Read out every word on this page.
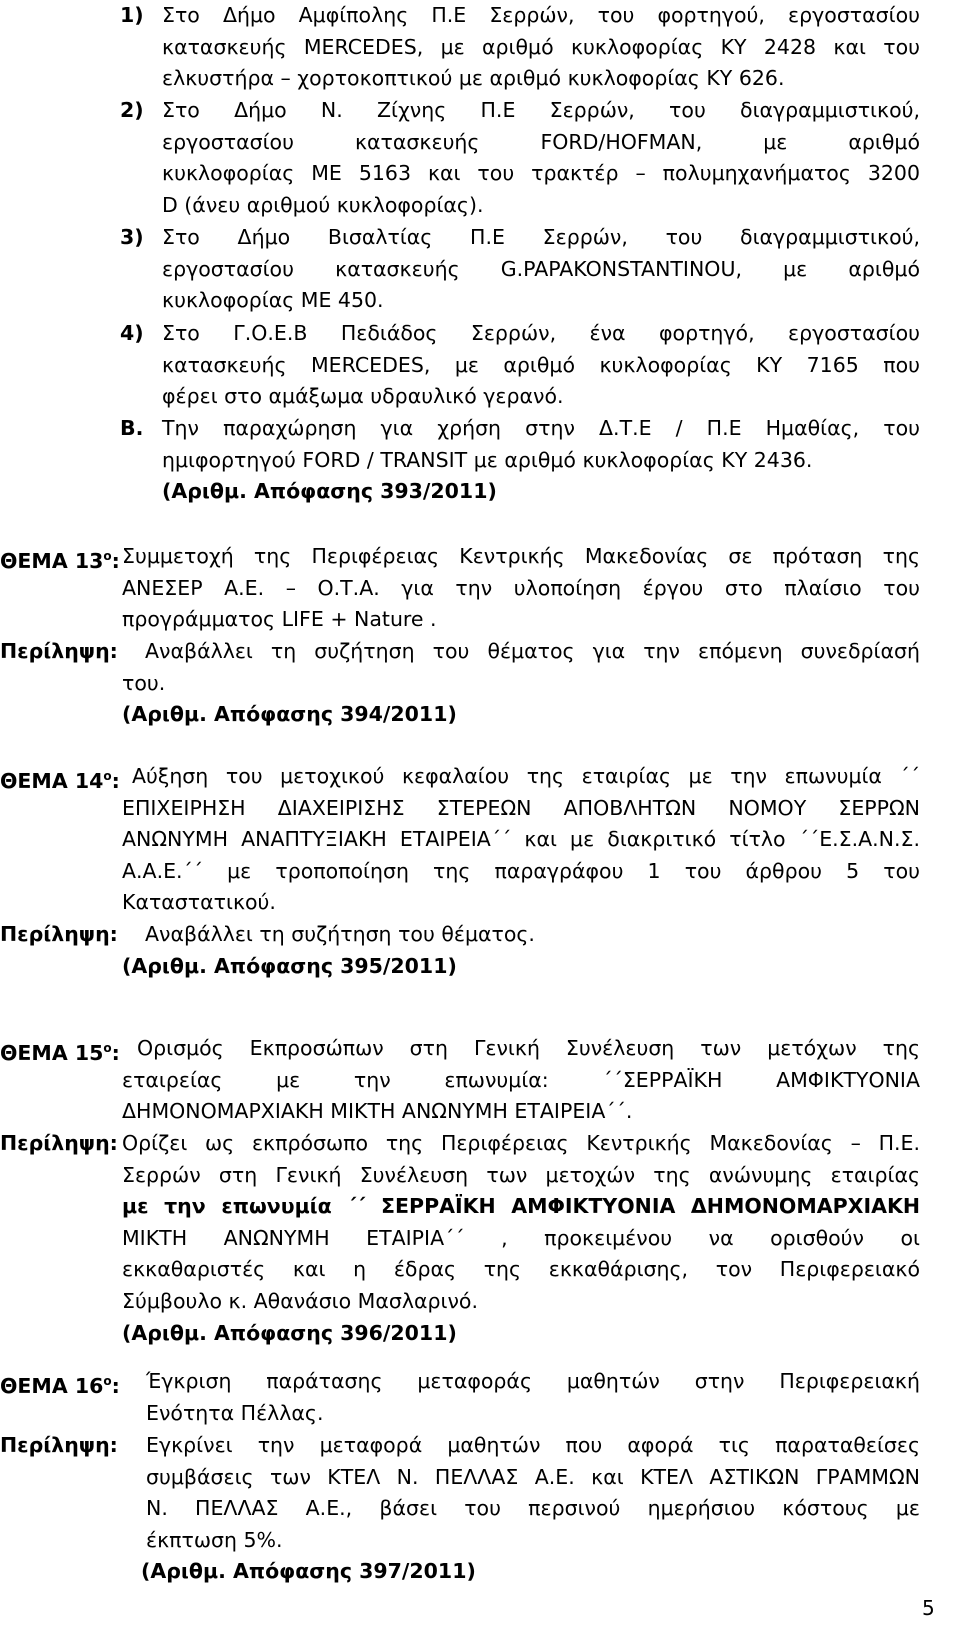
1) Στο Δήμο Αμφίπολης Π.Ε Σερρών, του φορτηγού, εργοστασίου
κατασκευής MERCEDES, με αριθμό κυκλοφορίας ΚΥ 2428 και του
ελκυστήρα – χορτοκοπτικού με αριθμό κυκλοφορίας ΚΥ 626.
2) Στο Δήμο Ν. Ζίχνης Π.Ε Σερρών, του διαγραμμιστικού,
εργοστασίου κατασκευής FORD/HOFMAN, με αριθμό
κυκλοφορίας ΜΕ 5163 και του τρακτέρ – πολυμηχανήματος 3200
D (άνευ αριθμού κυκλοφορίας).
3) Στο Δήμο Βισαλτίας Π.Ε Σερρών, του διαγραμμιστικού,
εργοστασίου κατασκευής G.PAPAKONSTANTINOU, με αριθμό
κυκλοφορίας ΜΕ 450.
4) Στο Γ.Ο.Ε.Β Πεδιάδος Σερρών, ένα φορτηγό, εργοστασίου
κατασκευής MERCEDES, με αριθμό κυκλοφορίας ΚΥ 7165 που
φέρει στο αμάξωμα υδραυλικό γερανό.
Β. Την παραχώρηση για χρήση στην Δ.Τ.Ε / Π.Ε Ημαθίας, του
ημιφορτηγού FORD / TRANSIT με αριθμό κυκλοφορίας ΚΥ 2436.
(Αριθμ. Απόφασης 393/2011)
ΘΕΜΑ $13^o$: Συμμετοχή της Περιφέρειας Κεντρικής Μακεδονίας σε πρόταση της
ΑΝΕΣΕΡ Α.Ε. – Ο.Τ.Α. για την υλοποίηση έργου στο πλαίσιο του
προγράμματος LIFE + Nature .
Περίληψη: Αναβάλλει τη συζήτηση του θέματος για την επόμενη συνεδρίασή
του.
(Αριθμ. Απόφασης 394/2011)
ΘΕΜΑ $14^o$: Αύξηση του μετοχικού κεφαλαίου της εταιρίας με την επωνυμία ΄΄
ΕΠΙΧΕΙΡΗΣΗ ΔΙΑΧΕΙΡΙΣΗΣ ΣΤΕΡΕΩΝ ΑΠΟΒΛΗΤΩΝ ΝΟΜΟΥ ΣΕΡΡΩΝ
ΑΝΩΝΥΜΗ ΑΝΑΠΤΥΞΙΑΚΗ ΕΤΑΙΡΕΙΑ΄΄ και με διακριτικό τίτλο ΄΄Ε.Σ.Α.Ν.Σ.
Α.Α.Ε.΄΄ με τροποποίηση της παραγράφου 1 του άρθρου 5 του
Καταστατικού.
Περίληψη: Αναβάλλει τη συζήτηση του θέματος.
(Αριθμ. Απόφασης 395/2011)
ΘΕΜΑ $15^o$: Ορισμός Εκπροσώπων στη Γενική Συνέλευση των μετόχων της
εταιρείας με την επωνυμία: ΄΄ΣΕΡΡΑΪΚΗ ΑΜΦΙΚΤΥΟΝΙΑ
ΔΗΜΟΝΟΜΑΡΧΙΑΚΗ ΜΙΚΤΗ ΑΝΩΝΥΜΗ ΕΤΑΙΡΕΙΑ΄΄.
Περίληψη: Ορίζει ως εκπρόσωπο της Περιφέρειας Κεντρικής Μακεδονίας – Π.Ε.
Σερρών στη Γενική Συνέλευση των μετοχών της ανώνυμης εταιρίας
με την επωνυμία ΄΄ ΣΕΡΡΑΪΚΗ ΑΜΦΙΚΤΥΟΝΙΑ ΔΗΜΟΝΟΜΑΡΧΙΑΚΗ
ΜΙΚΤΗ ΑΝΩΝΥΜΗ ΕΤΑΙΡΙΑ΄΄ , προκειμένου να ορισθούν οι
εκκαθαριστές και η έδρας της εκκαθάρισης, τον Περιφερειακό
Σύμβουλο κ. Αθανάσιο Μασλαρινό.
(Αριθμ. Απόφασης 396/2011)
ΘΕΜΑ $16^o$: Έγκριση παράτασης μεταφοράς μαθητών στην Περιφερειακή
Ενότητα Πέλλας.
Περίληψη: Εγκρίνει την μεταφορά μαθητών που αφορά τις παραταθείσες
συμβάσεις των ΚΤΕΛ Ν. ΠΕΛΛΑΣ Α.Ε. και ΚΤΕΛ ΑΣΤΙΚΩΝ ΓΡΑΜΜΩΝ
Ν. ΠΕΛΛΑΣ Α.Ε., βάσει του περσινού ημερήσιου κόστους με
έκπτωση 5%.
(Αριθμ. Απόφασης 397/2011)
5
